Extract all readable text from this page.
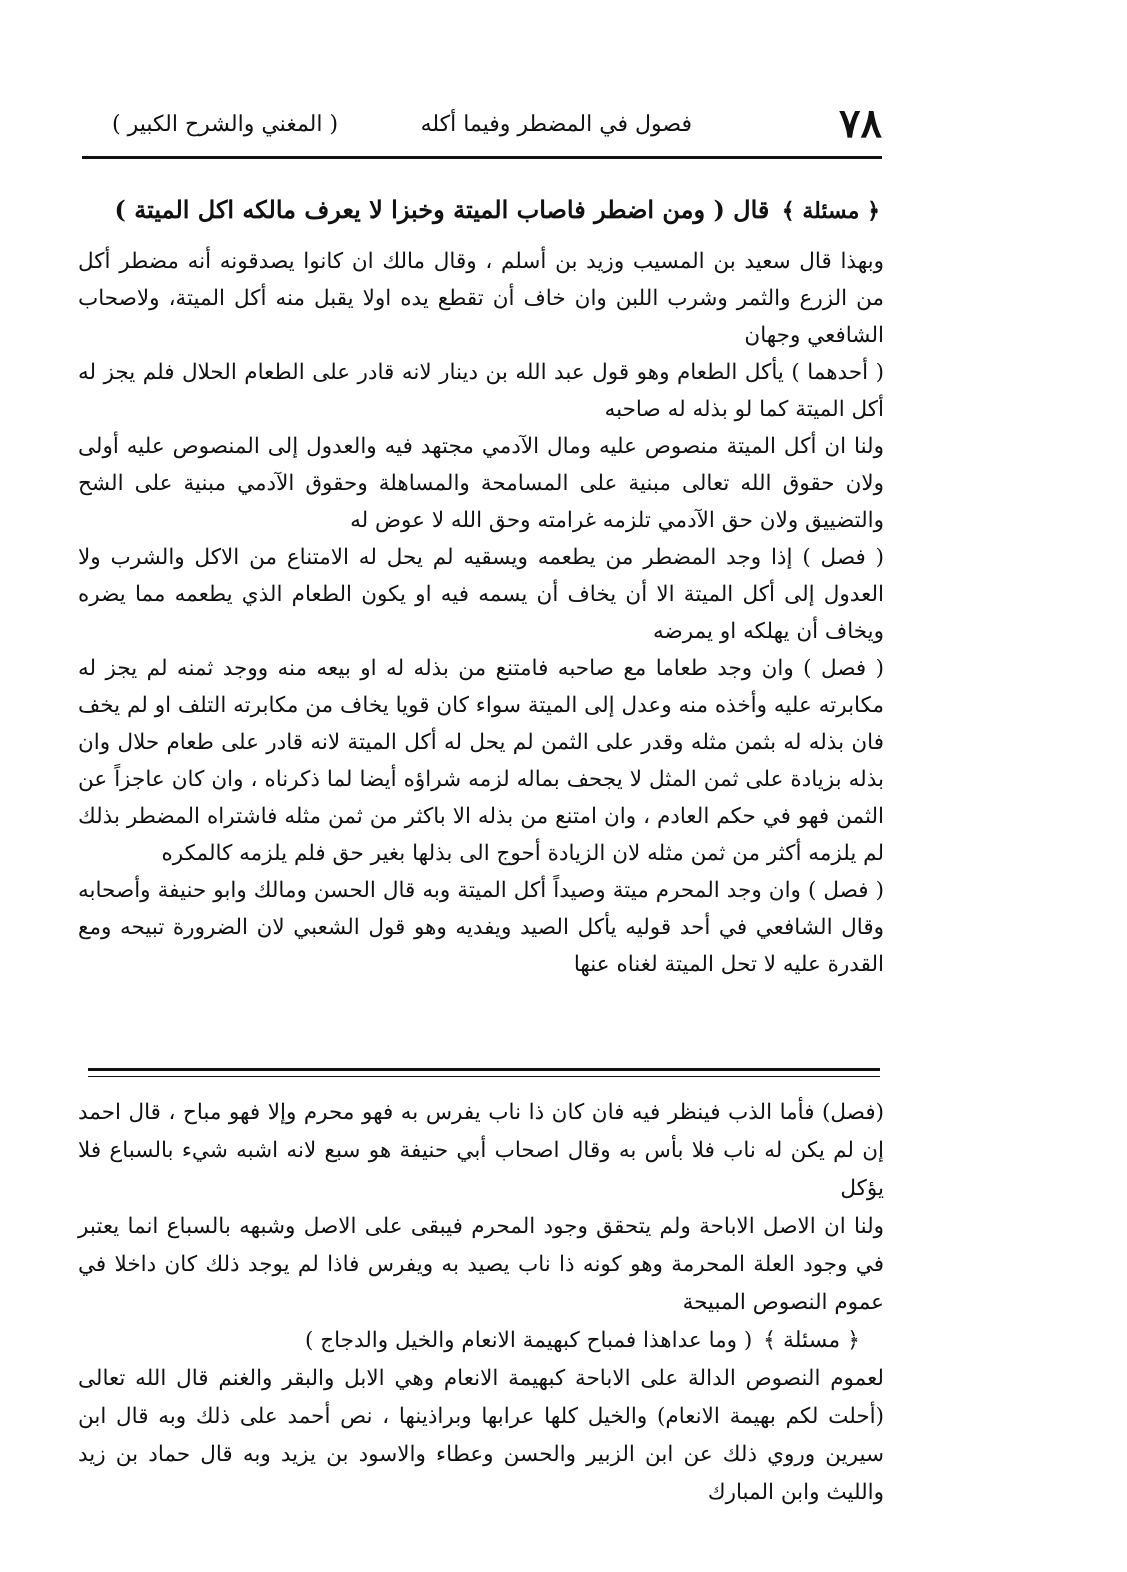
٧٨
فصول في المضطر وفيما أكله
( المغني والشرح الكبير )

﴿ مسئلة ﴾ قال ( ومن اضطر فاصاب الميتة وخبزا لا يعرف مالكه اكل الميتة )

وبهذا قال سعيد بن المسيب وزيد بن أسلم ، وقال مالك ان كانوا يصدقونه أنه مضطر أكل من الزرع والثمر وشرب اللبن وان خاف أن تقطع يده اولا يقبل منه أكل الميتة، ولاصحاب الشافعي وجهان

( أحدهما ) يأكل الطعام وهو قول عبد الله بن دينار لانه قادر على الطعام الحلال فلم يجز له أكل الميتة كما لو بذله له صاحبه

ولنا ان أكل الميتة منصوص عليه ومال الآدمي مجتهد فيه والعدول إلى المنصوص عليه أولى ولان حقوق الله تعالى مبنية على المسامحة والمساهلة وحقوق الآدمي مبنية على الشح والتضييق ولان حق الآدمي تلزمه غرامته وحق الله لا عوض له

( فصل ) إذا وجد المضطر من يطعمه ويسقيه لم يحل له الامتناع من الاكل والشرب ولا العدول إلى أكل الميتة الا أن يخاف أن يسمه فيه او يكون الطعام الذي يطعمه مما يضره ويخاف أن يهلكه او يمرضه

( فصل ) وان وجد طعاما مع صاحبه فامتنع من بذله له او بيعه منه ووجد ثمنه لم يجز له مكابرته عليه وأخذه منه وعدل إلى الميتة سواء كان قويا يخاف من مكابرته التلف او لم يخف فان بذله له بثمن مثله وقدر على الثمن لم يحل له أكل الميتة لانه قادر على طعام حلال وان بذله بزيادة على ثمن المثل لا يجحف بماله لزمه شراؤه أيضا لما ذكرناه ، وان كان عاجزاً عن الثمن فهو في حكم العادم ، وان امتنع من بذله الا باكثر من ثمن مثله فاشتراه المضطر بذلك لم يلزمه أكثر من ثمن مثله لان الزيادة أحوج الى بذلها بغير حق فلم يلزمه كالمكره

( فصل ) وان وجد المحرم ميتة وصيداً أكل الميتة وبه قال الحسن ومالك وابو حنيفة وأصحابه وقال الشافعي في أحد قوليه يأكل الصيد ويفديه وهو قول الشعبي لان الضرورة تبيحه ومع القدرة عليه لا تحل الميتة لغناه عنها

(فصل) فأما الذب فينظر فيه فان كان ذا ناب يفرس به فهو محرم وإلا فهو مباح ، قال احمد إن لم يكن له ناب فلا بأس به وقال اصحاب أبي حنيفة هو سبع لانه اشبه شيء بالسباع فلا يؤكل

ولنا ان الاصل الاباحة ولم يتحقق وجود المحرم فيبقى على الاصل وشبهه بالسباع انما يعتبر في وجود العلة المحرمة وهو كونه ذا ناب يصيد به ويفرس فاذا لم يوجد ذلك كان داخلا في عموم النصوص المبيحة

﴿ مسئلة ﴾ ( وما عداهذا فمباح كبهيمة الانعام والخيل والدجاج )

لعموم النصوص الدالة على الاباحة كبهيمة الانعام وهي الابل والبقر والغنم قال الله تعالى (أحلت لكم بهيمة الانعام) والخيل كلها عرابها وبراذينها ، نص أحمد على ذلك وبه قال ابن سيرين وروي ذلك عن ابن الزبير والحسن وعطاء والاسود بن يزيد وبه قال حماد بن زيد والليث وابن المبارك
